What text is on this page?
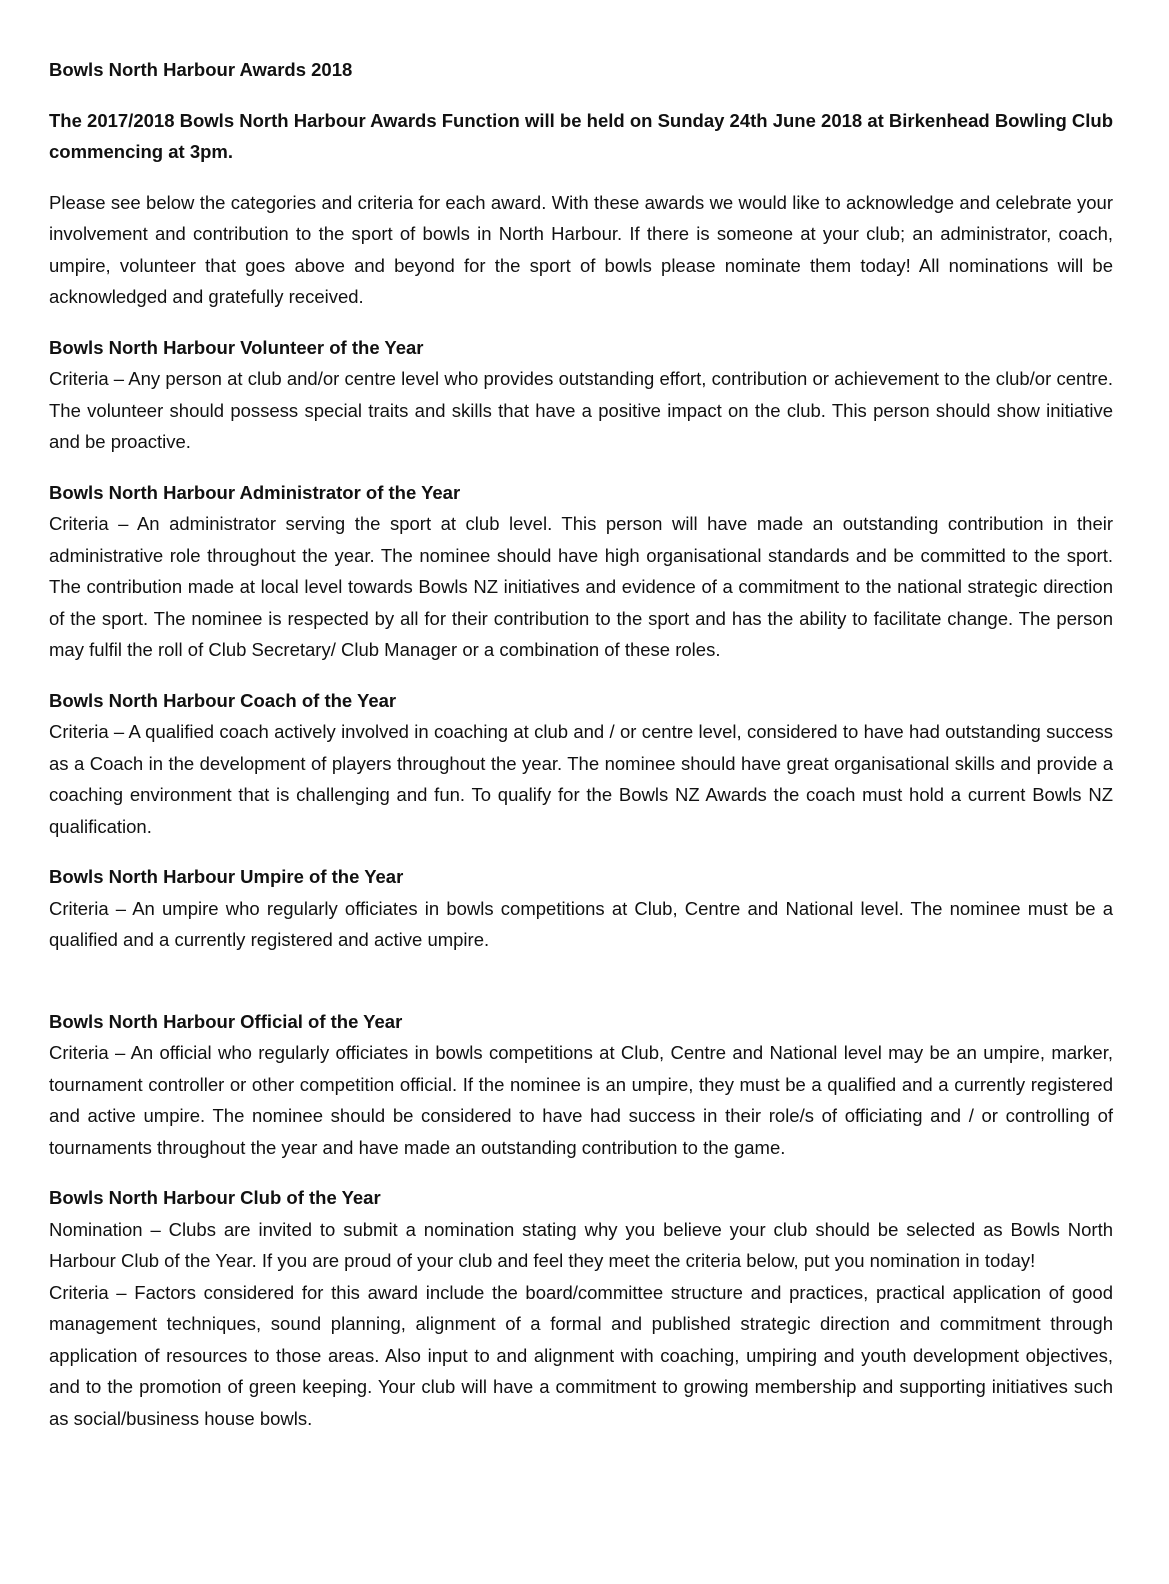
Bowls North Harbour Awards 2018

The 2017/2018 Bowls North Harbour Awards Function will be held on Sunday 24th June 2018 at Birkenhead Bowling Club commencing at 3pm.

Please see below the categories and criteria for each award. With these awards we would like to acknowledge and celebrate your involvement and contribution to the sport of bowls in North Harbour. If there is someone at your club; an administrator, coach, umpire, volunteer that goes above and beyond for the sport of bowls please nominate them today! All nominations will be acknowledged and gratefully received.

Bowls North Harbour Volunteer of the Year

Criteria – Any person at club and/or centre level who provides outstanding effort, contribution or achievement to the club/or centre. The volunteer should possess special traits and skills that have a positive impact on the club. This person should show initiative and be proactive.

Bowls North Harbour Administrator of the Year

Criteria – An administrator serving the sport at club level. This person will have made an outstanding contribution in their administrative role throughout the year. The nominee should have high organisational standards and be committed to the sport. The contribution made at local level towards Bowls NZ initiatives and evidence of a commitment to the national strategic direction of the sport. The nominee is respected by all for their contribution to the sport and has the ability to facilitate change. The person may fulfil the roll of Club Secretary/ Club Manager or a combination of these roles.

Bowls North Harbour Coach of the Year

Criteria – A qualified coach actively involved in coaching at club and / or centre level, considered to have had outstanding success as a Coach in the development of players throughout the year. The nominee should have great organisational skills and provide a coaching environment that is challenging and fun. To qualify for the Bowls NZ Awards the coach must hold a current Bowls NZ qualification.

Bowls North Harbour Umpire of the Year

Criteria – An umpire who regularly officiates in bowls competitions at Club, Centre and National level. The nominee must be a qualified and a currently registered and active umpire.

Bowls North Harbour Official of the Year

Criteria – An official who regularly officiates in bowls competitions at Club, Centre and National level may be an umpire, marker, tournament controller or other competition official. If the nominee is an umpire, they must be a qualified and a currently registered and active umpire. The nominee should be considered to have had success in their role/s of officiating and / or controlling of tournaments throughout the year and have made an outstanding contribution to the game.

Bowls North Harbour Club of the Year

Nomination – Clubs are invited to submit a nomination stating why you believe your club should be selected as Bowls North Harbour Club of the Year. If you are proud of your club and feel they meet the criteria below, put you nomination in today!

Criteria – Factors considered for this award include the board/committee structure and practices, practical application of good management techniques, sound planning, alignment of a formal and published strategic direction and commitment through application of resources to those areas. Also input to and alignment with coaching, umpiring and youth development objectives, and to the promotion of green keeping. Your club will have a commitment to growing membership and supporting initiatives such as social/business house bowls.
